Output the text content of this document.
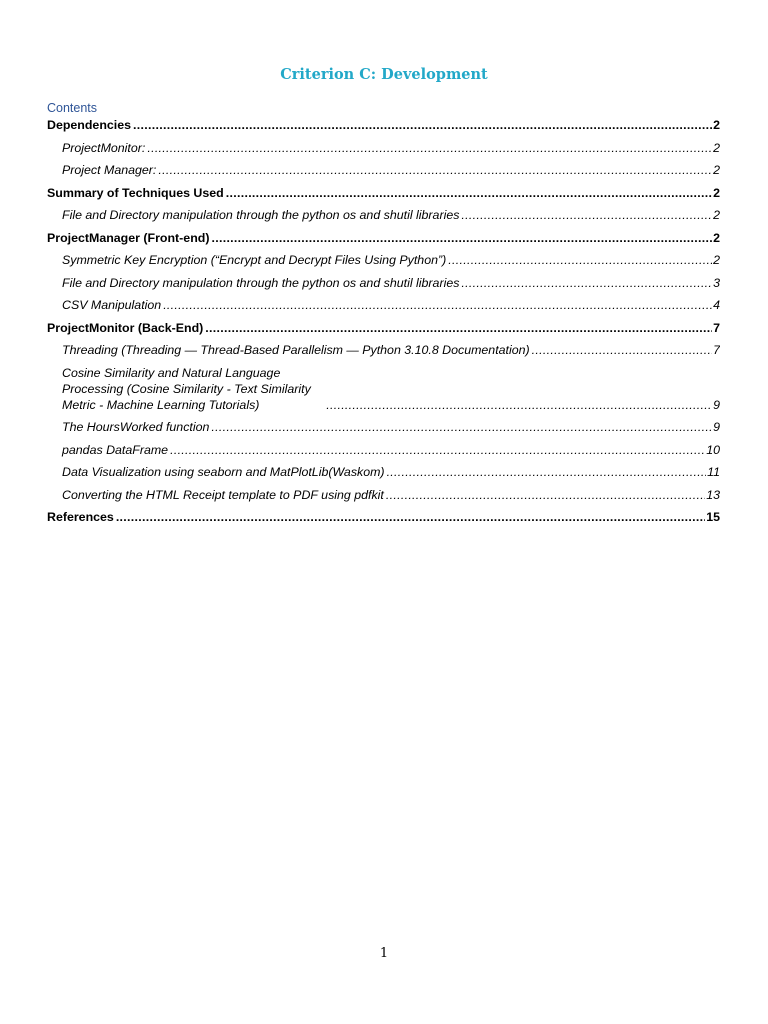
Criterion C: Development
Contents
Dependencies .....	2
ProjectMonitor: .....	2
Project Manager: .....	2
Summary of Techniques Used .....	2
File and Directory manipulation through the python os and shutil libraries .....	2
ProjectManager (Front-end) .....	2
Symmetric Key Encryption (“Encrypt and Decrypt Files Using Python”) .....	2
File and Directory manipulation through the python os and shutil libraries .....	3
CSV Manipulation .....	4
ProjectMonitor (Back-End) .....	7
Threading (Threading — Thread-Based Parallelism — Python 3.10.8 Documentation) .....	7
Cosine Similarity and Natural Language Processing (Cosine Similarity - Text Similarity Metric - Machine Learning Tutorials) .....	9
The HoursWorked function .....	9
pandas DataFrame .....	10
Data Visualization using seaborn and MatPlotLib(Waskom) .....	11
Converting the HTML Receipt template to PDF using pdfkit .....	13
References .....	15
1
